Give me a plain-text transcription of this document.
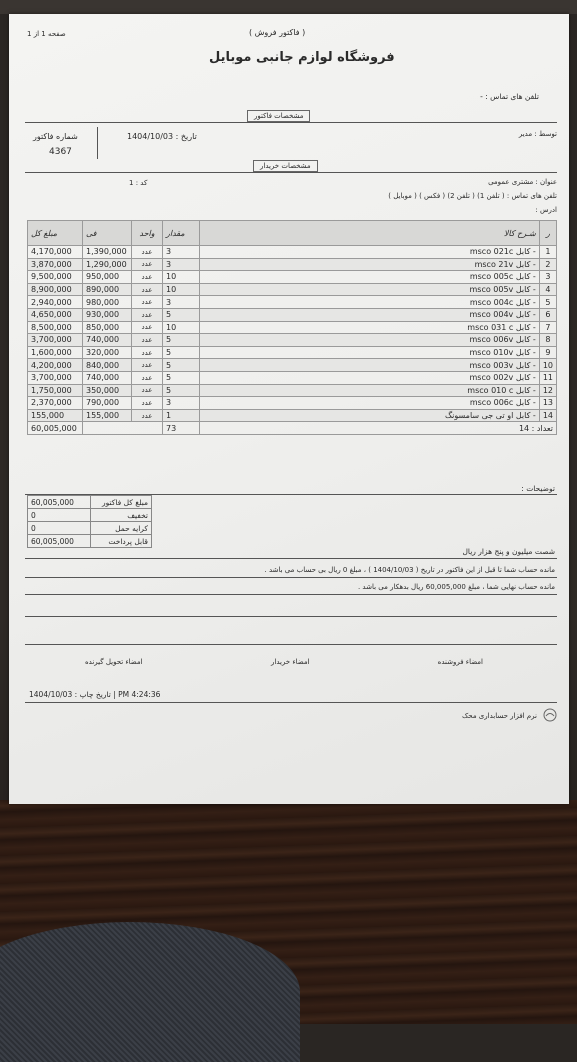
صفحه 1 از 1	( فاکتور فروش )
فروشگاه لوازم جانبی موبایل
تلفن های تماس : -
مشخصات فاکتور
توسط : مدیر
تاریخ : 1404/10/03
شماره فاکتور
4367
مشخصات خریدار
کد : 1	عنوان : مشتری عمومی
تلفن های تماس : ( تلفن 1) ( تلفن 2) ( فکس ) ( موبایل )
ادرس :
ر	شـرح کالا	مقدار	واحد	فی	مبلغ کل
1	- کابل msco 021c	3	عدد	1,390,000	4,170,000
2	- کابل msco 21v	3	عدد	1,290,000	3,870,000
3	- کابل msco 005c	10	عدد	950,000	9,500,000
4	- کابل msco 005v	10	عدد	890,000	8,900,000
5	- کابل msco 004c	3	عدد	980,000	2,940,000
6	- کابل msco 004v	5	عدد	930,000	4,650,000
7	- کابل msco 031 c	10	عدد	850,000	8,500,000
8	- کابل msco 006v	5	عدد	740,000	3,700,000
9	- کابل msco 010v	5	عدد	320,000	1,600,000
10	- کابل msco 003v	5	عدد	840,000	4,200,000
11	- کابل msco 002v	5	عدد	740,000	3,700,000
12	- کابل msco 010 c	5	عدد	350,000	1,750,000
13	- کابل msco 006c	3	عدد	790,000	2,370,000
14	- کابل او تی جی سامسونگ	1	عدد	155,000	155,000
تعداد : 14		73			60,005,000
توضیحات :
مبلغ کل فاکتور	60,005,000
تخفیف	0
کرایه حمل	0
قابل پرداخت	60,005,000
شصت میلیون و پنج هزار ریال
مانده حساب شما تا قبل از این فاکتور در تاریخ ( 1404/10/03 ) ، مبلغ 0 ریال بی حساب می باشد .
مانده حساب نهایی شما ، مبلغ 60,005,000 ریال بدهکار می باشد .
امضاء فروشنده
امضاء خریدار
امضاء تحویل گیرنده
تاریخ چاپ : 1404/10/03 | PM 4:24:36
نرم افزار حسابداری محک
